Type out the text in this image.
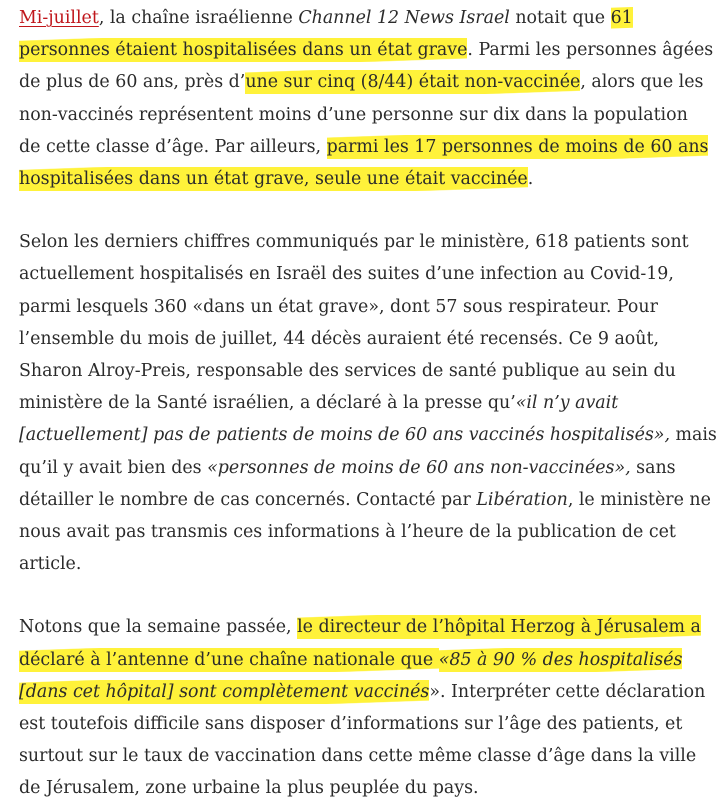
Mi-juillet, la chaîne israélienne Channel 12 News Israel notait que 61
personnes étaient hospitalisées dans un état grave. Parmi les personnes âgées
de plus de 60 ans, près d’une sur cinq (8/44) était non-vaccinée, alors que les
non-vaccinés représentent moins d’une personne sur dix dans la population
de cette classe d’âge. Par ailleurs, parmi les 17 personnes de moins de 60 ans
hospitalisées dans un état grave, seule une était vaccinée.
Selon les derniers chiffres communiqués par le ministère, 618 patients sont
actuellement hospitalisés en Israël des suites d’une infection au Covid-19,
parmi lesquels 360 «dans un état grave», dont 57 sous respirateur. Pour
l’ensemble du mois de juillet, 44 décès auraient été recensés. Ce 9 août,
Sharon Alroy-Preis, responsable des services de santé publique au sein du
ministère de la Santé israélien, a déclaré à la presse qu’«il n’y avait
[actuellement] pas de patients de moins de 60 ans vaccinés hospitalisés», mais
qu’il y avait bien des «personnes de moins de 60 ans non-vaccinées», sans
détailler le nombre de cas concernés. Contacté par Libération, le ministère ne
nous avait pas transmis ces informations à l’heure de la publication de cet
article.
Notons que la semaine passée, le directeur de l’hôpital Herzog à Jérusalem a
déclaré à l’antenne d’une chaîne nationale que «85 à 90 % des hospitalisés
[dans cet hôpital] sont complètement vaccinés». Interpréter cette déclaration
est toutefois difficile sans disposer d’informations sur l’âge des patients, et
surtout sur le taux de vaccination dans cette même classe d’âge dans la ville
de Jérusalem, zone urbaine la plus peuplée du pays.
